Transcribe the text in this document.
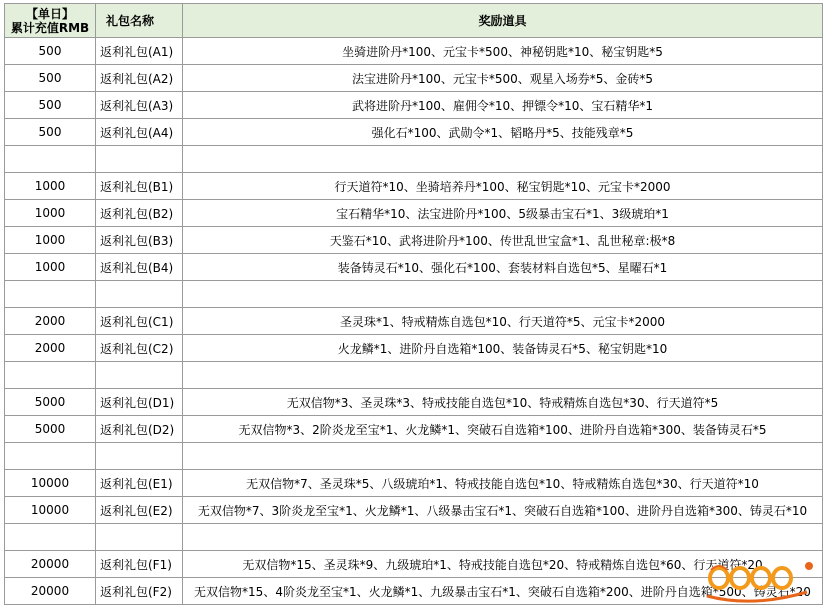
【单日】
累计充值RMB	礼包名称	奖励道具
500	返利礼包(A1)	坐骑进阶丹*100、元宝卡*500、神秘钥匙*10、秘宝钥匙*5
500	返利礼包(A2)	法宝进阶丹*100、元宝卡*500、观星入场券*5、金砖*5
500	返利礼包(A3)	武将进阶丹*100、雇佣令*10、押镖令*10、宝石精华*1
500	返利礼包(A4)	强化石*100、武勋令*1、韬略丹*5、技能残章*5

1000	返利礼包(B1)	行天道符*10、坐骑培养丹*100、秘宝钥匙*10、元宝卡*2000
1000	返利礼包(B2)	宝石精华*10、法宝进阶丹*100、5级暴击宝石*1、3级琥珀*1
1000	返利礼包(B3)	天鉴石*10、武将进阶丹*100、传世乱世宝盒*1、乱世秘章:极*8
1000	返利礼包(B4)	装备铸灵石*10、强化石*100、套装材料自选包*5、星曜石*1

2000	返利礼包(C1)	圣灵珠*1、特戒精炼自选包*10、行天道符*5、元宝卡*2000
2000	返利礼包(C2)	火龙鳞*1、进阶丹自选箱*100、装备铸灵石*5、秘宝钥匙*10

5000	返利礼包(D1)	无双信物*3、圣灵珠*3、特戒技能自选包*10、特戒精炼自选包*30、行天道符*5
5000	返利礼包(D2)	无双信物*3、2阶炎龙至宝*1、火龙鳞*1、突破石自选箱*100、进阶丹自选箱*300、装备铸灵石*5

10000	返利礼包(E1)	无双信物*7、圣灵珠*5、八级琥珀*1、特戒技能自选包*10、特戒精炼自选包*30、行天道符*10
10000	返利礼包(E2)	无双信物*7、3阶炎龙至宝*1、火龙鳞*1、八级暴击宝石*1、突破石自选箱*100、进阶丹自选箱*300、铸灵石*10

20000	返利礼包(F1)	无双信物*15、圣灵珠*9、九级琥珀*1、特戒技能自选包*20、特戒精炼自选包*60、行天道符*20
20000	返利礼包(F2)	无双信物*15、4阶炎龙至宝*1、火龙鳞*1、九级暴击宝石*1、突破石自选箱*200、进阶丹自选箱*500、铸灵石*20
